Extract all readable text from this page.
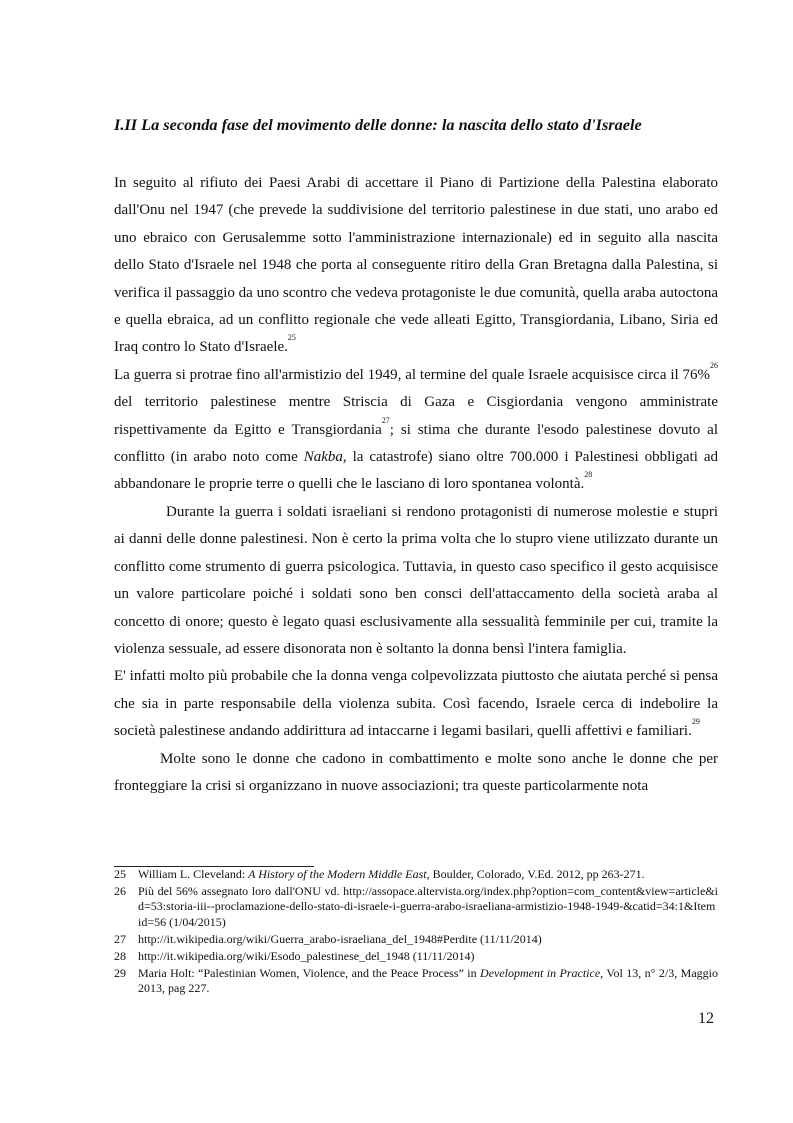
I.II La seconda fase del movimento delle donne: la nascita dello stato d'Israele

In seguito al rifiuto dei Paesi Arabi di accettare il Piano di Partizione della Palestina elaborato dall'Onu nel 1947 (che prevede la suddivisione del territorio palestinese in due stati, uno arabo ed uno ebraico con Gerusalemme sotto l'amministrazione internazionale) ed in seguito alla nascita dello Stato d'Israele nel 1948 che porta al conseguente ritiro della Gran Bretagna dalla Palestina, si verifica il passaggio da uno scontro che vedeva protagoniste le due comunità, quella araba autoctona e quella ebraica, ad un conflitto regionale che vede alleati Egitto, Transgiordania, Libano, Siria ed Iraq contro lo Stato d'Israele.$^{25}$

La guerra si protrae fino all'armistizio del 1949, al termine del quale Israele acquisisce circa il 76%$^{26}$ del territorio palestinese mentre Striscia di Gaza e Cisgiordania vengono amministrate rispettivamente da Egitto e Transgiordania$^{27}$; si stima che durante l'esodo palestinese dovuto al conflitto (in arabo noto come Nakba, la catastrofe) siano oltre 700.000 i Palestinesi obbligati ad abbandonare le proprie terre o quelli che le lasciano di loro spontanea volontà.$^{28}$

Durante la guerra i soldati israeliani si rendono protagonisti di numerose molestie e stupri ai danni delle donne palestinesi. Non è certo la prima volta che lo stupro viene utilizzato durante un conflitto come strumento di guerra psicologica. Tuttavia, in questo caso specifico il gesto acquisisce un valore particolare poiché i soldati sono ben consci dell'attaccamento della società araba al concetto di onore; questo è legato quasi esclusivamente alla sessualità femminile per cui, tramite la violenza sessuale, ad essere disonorata non è soltanto la donna bensì l'intera famiglia.

E' infatti molto più probabile che la donna venga colpevolizzata piuttosto che aiutata perché si pensa che sia in parte responsabile della violenza subita. Così facendo, Israele cerca di indebolire la società palestinese andando addirittura ad intaccarne i legami basilari, quelli affettivi e familiari.$^{29}$

Molte sono le donne che cadono in combattimento e molte sono anche le donne che per fronteggiare la crisi si organizzano in nuove associazioni; tra queste particolarmente nota

25	William L. Cleveland: A History of the Modern Middle East, Boulder, Colorado, V.Ed. 2012, pp 263-271.
26	Più del 56% assegnato loro dall'ONU vd. http://assopace.altervista.org/index.php?option=com_content&view=article&id=53:storia-iii--proclamazione-dello-stato-di-israele-i-guerra-arabo-israeliana-armistizio-1948-1949-&catid=34:1&Itemid=56 (1/04/2015)
27	http://it.wikipedia.org/wiki/Guerra_arabo-israeliana_del_1948#Perdite (11/11/2014)
28	http://it.wikipedia.org/wiki/Esodo_palestinese_del_1948 (11/11/2014)
29	Maria Holt: “Palestinian Women, Violence, and the Peace Process” in Development in Practice, Vol 13, n° 2/3, Maggio 2013, pag 227.
12
